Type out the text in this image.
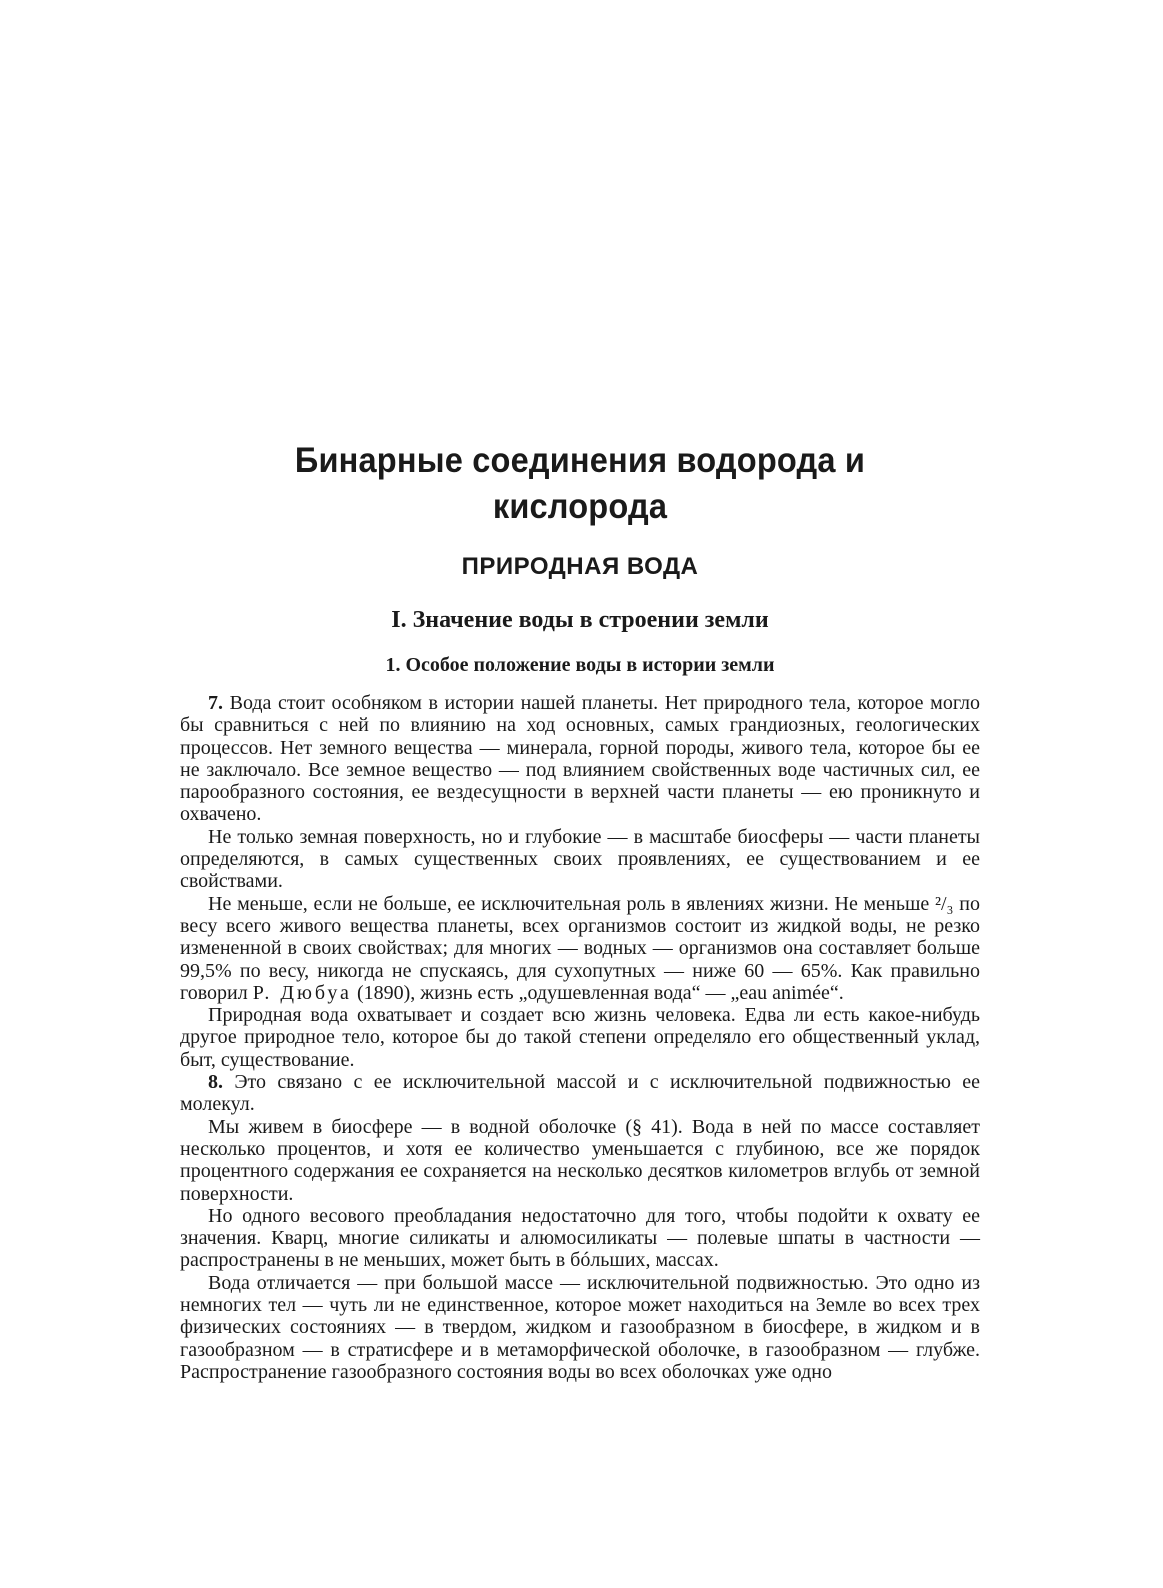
Бинарные соединения водорода и кислорода
ПРИРОДНАЯ ВОДА
I. Значение воды в строении земли
1. Особое положение воды в истории земли

7. Вода стоит особняком в истории нашей планеты. Нет природного тела, которое могло бы сравниться с ней по влиянию на ход основных, самых грандиозных, геологических процессов. Нет земного вещества — минерала, горной породы, живого тела, которое бы ее не заключало. Все земное вещество — под влиянием свойственных воде частичных сил, ее парообразного состояния, ее вездесущности в верхней части планеты — ею проникнуто и охвачено.

Не только земная поверхность, но и глубокие — в масштабе биосферы — части планеты определяются, в самых существенных своих проявлениях, ее существованием и ее свойствами.

Не меньше, если не больше, ее исключительная роль в явлениях жизни. Не меньше ²/₃ по весу всего живого вещества планеты, всех организмов состоит из жидкой воды, не резко измененной в своих свойствах; для многих — водных — организмов она составляет больше 99,5% по весу, никогда не спускаясь, для сухопутных — ниже 60 — 65%. Как правильно говорил Р. Дюбуа (1890), жизнь есть „одушевленная вода“ — „eau animée“.

Природная вода охватывает и создает всю жизнь человека. Едва ли есть какое-нибудь другое природное тело, которое бы до такой степени определяло его общественный уклад, быт, существование.

8. Это связано с ее исключительной массой и с исключительной подвижностью ее молекул.

Мы живем в биосфере — в водной оболочке (§ 41). Вода в ней по массе составляет несколько процентов, и хотя ее количество уменьшается с глубиною, все же порядок процентного содержания ее сохраняется на несколько десятков километров вглубь от земной поверхности.

Но одного весового преобладания недостаточно для того, чтобы подойти к охвату ее значения. Кварц, многие силикаты и алюмосиликаты — полевые шпаты в частности — распространены в не меньших, может быть в бóльших, массах.

Вода отличается — при большой массе — исключительной подвижностью. Это одно из немногих тел — чуть ли не единственное, которое может находиться на Земле во всех трех физических состояниях — в твердом, жидком и газообразном в биосфере, в жидком и в газообразном — в стратисфере и в метаморфической оболочке, в газообразном — глубже. Распространение газообразного состояния воды во всех оболочках уже одно
